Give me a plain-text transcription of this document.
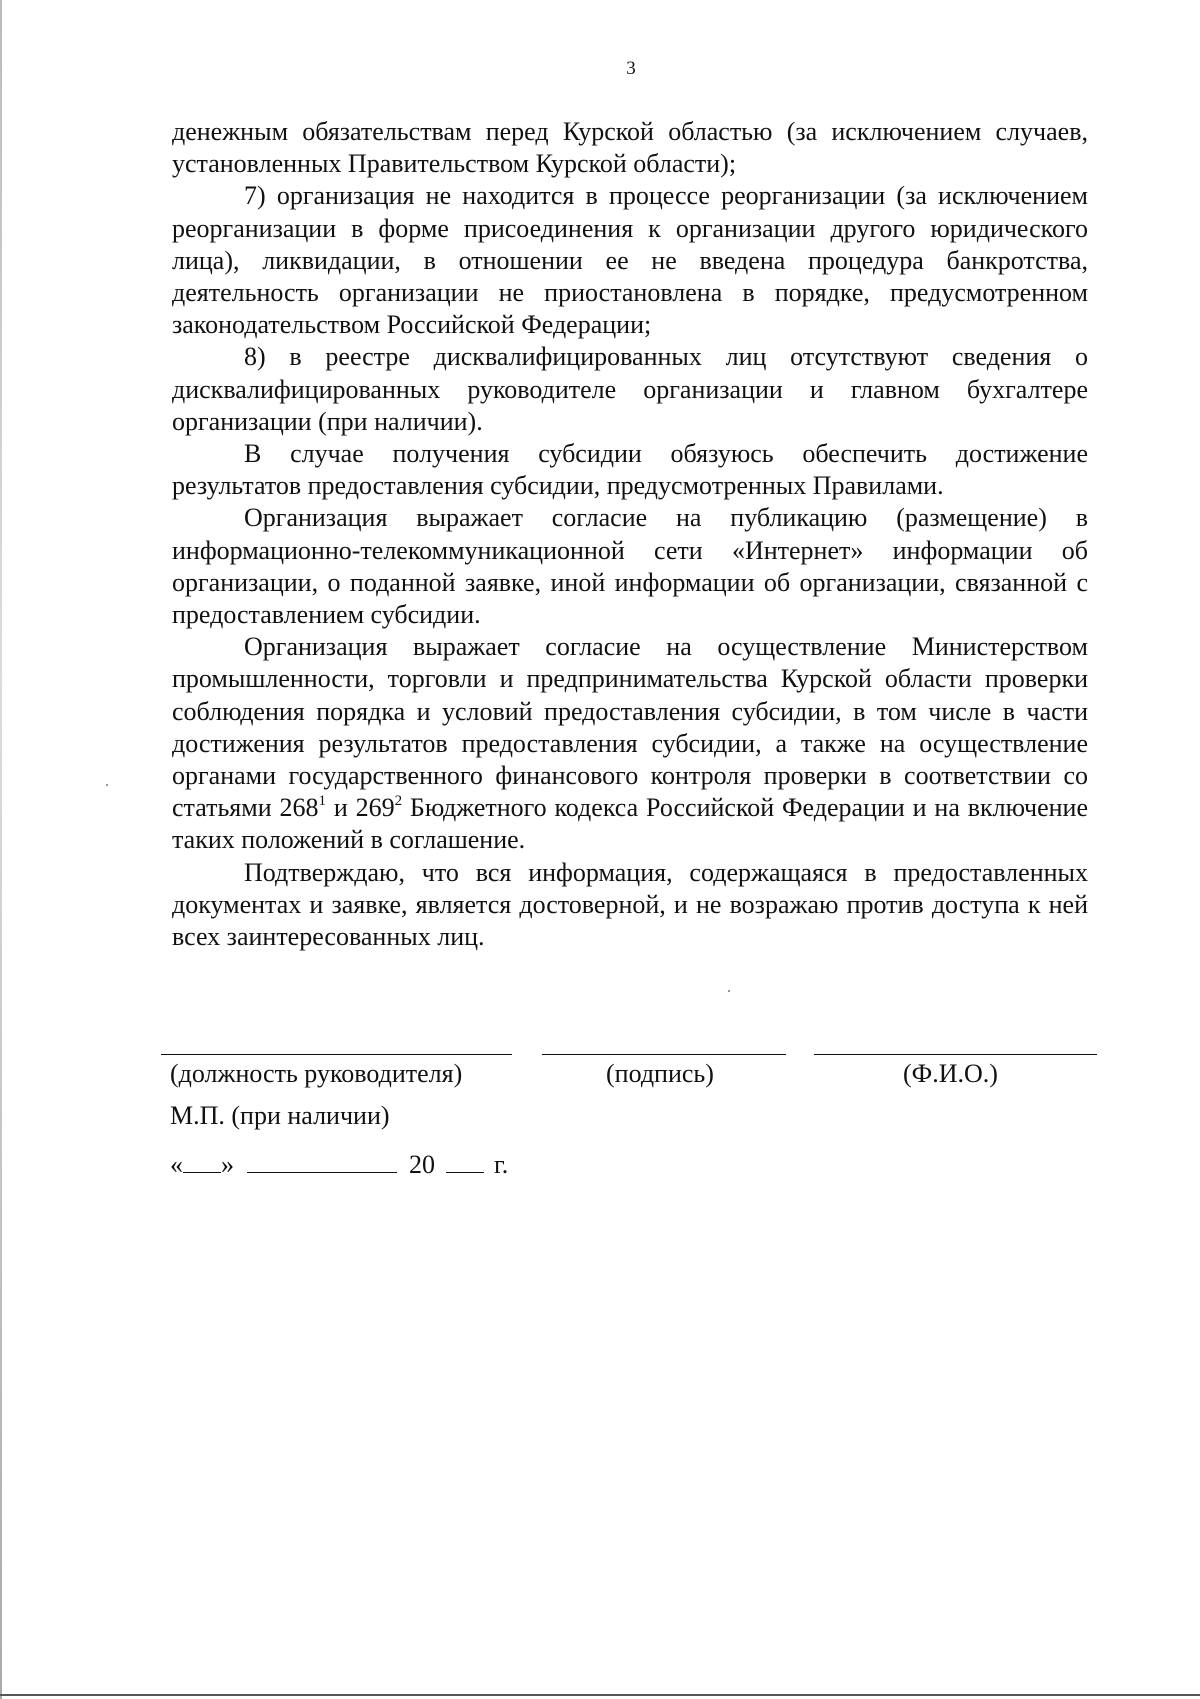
3

денежным обязательствам перед Курской областью (за исключением случаев, установленных Правительством Курской области);

7) организация не находится в процессе реорганизации (за исключением реорганизации в форме присоединения к организации другого юридического лица), ликвидации, в отношении ее не введена процедура банкротства, деятельность организации не приостановлена в порядке, предусмотренном законодательством Российской Федерации;

8) в реестре дисквалифицированных лиц отсутствуют сведения о дисквалифицированных руководителе организации и главном бухгалтере организации (при наличии).

В случае получения субсидии обязуюсь обеспечить достижение результатов предоставления субсидии, предусмотренных Правилами.

Организация выражает согласие на публикацию (размещение) в информационно-телекоммуникационной сети «Интернет» информации об организации, о поданной заявке, иной информации об организации, связанной с предоставлением субсидии.

Организация выражает согласие на осуществление Министерством промышленности, торговли и предпринимательства Курской области проверки соблюдения порядка и условий предоставления субсидии, в том числе в части достижения результатов предоставления субсидии, а также на осуществление органами государственного финансового контроля проверки в соответствии со статьями $268^1$ и $269^2$ Бюджетного кодекса Российской Федерации и на включение таких положений в соглашение.

Подтверждаю, что вся информация, содержащаяся в предоставленных документах и заявке, является достоверной, и не возражаю против доступа к ней всех заинтересованных лиц.

(должность руководителя)	(подпись)	(Ф.И.О.)
М.П. (при наличии)
« »	20 г.
